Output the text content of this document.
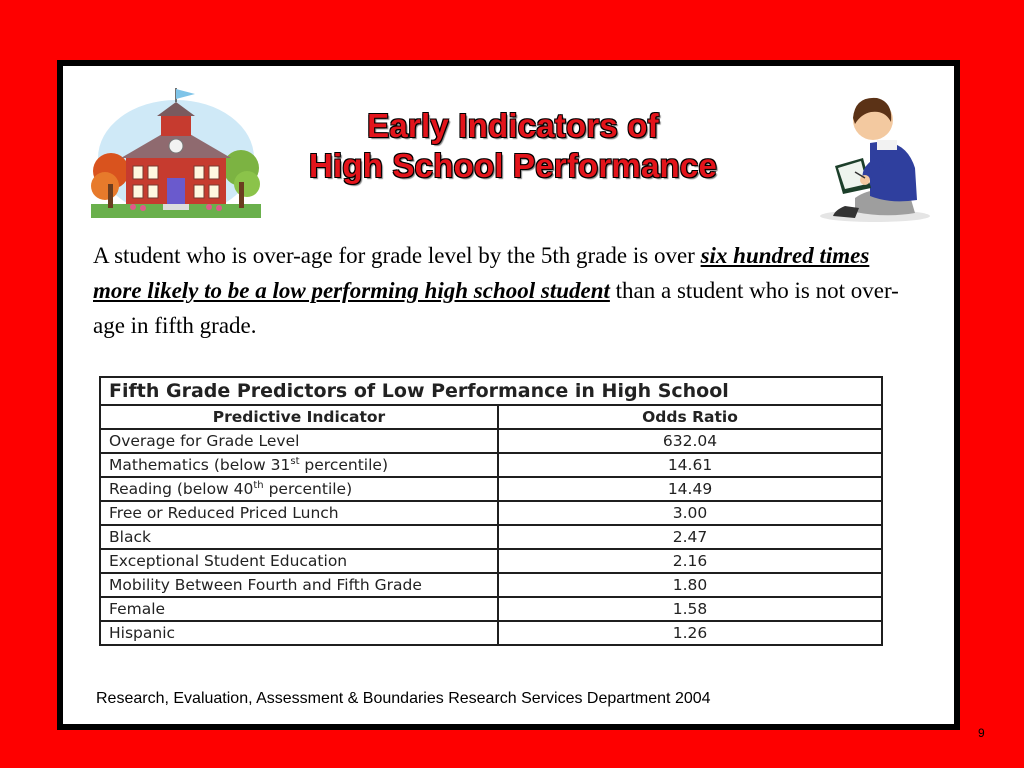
Early Indicators of
High School Performance
A student who is over-age for grade level by the 5th grade is over six hundred times more likely to be a low performing high school student than a student who is not over-age in fifth grade.
Fifth Grade Predictors of Low Performance in High School	
Predictive Indicator	Odds Ratio
Overage for Grade Level	632.04
Mathematics (below 31st percentile)	14.61
Reading (below 40th percentile)	14.49
Free or Reduced Priced Lunch	3.00
Black	2.47
Exceptional Student Education	2.16
Mobility Between Fourth and Fifth Grade	1.80
Female	1.58
Hispanic	1.26
Research, Evaluation, Assessment & Boundaries Research Services Department 2004
9
